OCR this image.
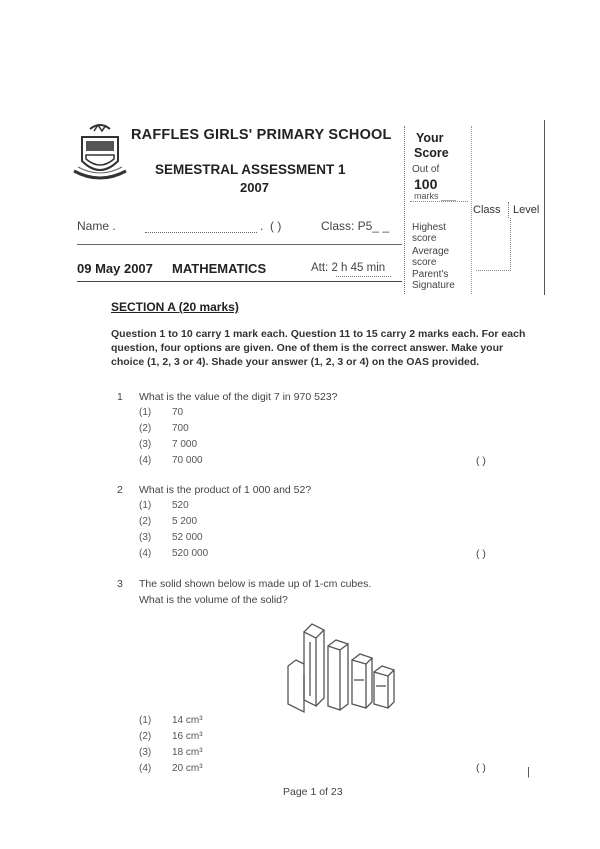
RAFFLES GIRLS' PRIMARY SCHOOL
SEMESTRAL ASSESSMENT 1
2007
Your
Score
Out of
100
marks ___
Highest score
Average score
Parent's Signature
Class Level
Name .	. ( )	Class: P5_ _
09 May 2007 MATHEMATICS	Att: 2 h 45 min
SECTION A (20 marks)
Question 1 to 10 carry 1 mark each. Question 11 to 15 carry 2 marks each. For each question, four options are given. One of them is the correct answer. Make your choice (1, 2, 3 or 4). Shade your answer (1, 2, 3 or 4) on the OAS provided.
1 What is the value of the digit 7 in 970 523?
(1) 70
(2) 700
(3) 7 000
(4) 70 000	( )
2 What is the product of 1 000 and 52?
(1) 520
(2) 5 200
(3) 52 000
(4) 520 000	( )
3 The solid shown below is made up of 1-cm cubes.
What is the volume of the solid?
(1) 14 cm³
(2) 16 cm³
(3) 18 cm³
(4) 20 cm³	( )	|
Page 1 of 23
